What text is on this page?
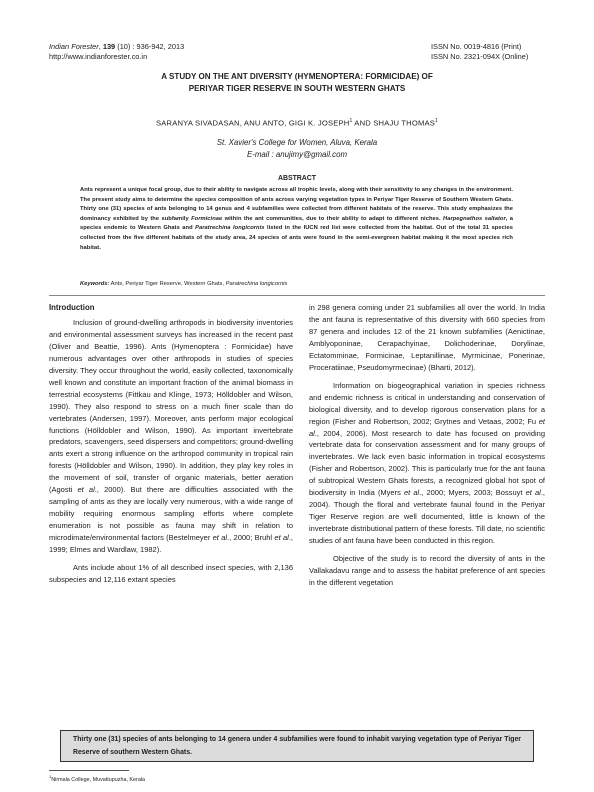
Indian Forester, 139 (10) : 936-942, 2013
http://www.indianforester.co.in
ISSN No. 0019-4816 (Print)
ISSN No. 2321-094X (Online)
A STUDY ON THE ANT DIVERSITY (HYMENOPTERA: FORMICIDAE) OF
PERIYAR TIGER RESERVE IN SOUTH WESTERN GHATS
SARANYA SIVADASAN, ANU ANTO, GIGI K. JOSEPH$^1$ AND SHAJU THOMAS$^1$
St. Xavier's College for Women, Aluva, Kerala
E-mail : anujimy@gmail.com
ABSTRACT
Ants represent a unique focal group, due to their ability to navigate across all trophic levels, along with their sensitivity to any changes in the environment. The present study aims to determine the species composition of ants across varying vegetation types in Periyar Tiger Reserve of Southern Western Ghats. Thirty one (31) species of ants belonging to 14 genus and 4 subfamilies were collected from different habitats of the reserve. This study emphasizes the dominancy exhibited by the subfamily Formicinae within the ant communities, due to their ability to adapt to different niches. Harpegnathos saltator, a species endemic to Western Ghats and Paratrechina longicornis listed in the IUCN red list were collected from the habitat. Out of the total 31 species collected from the five different habitats of the study area, 24 species of ants were found in the semi-evergreen habitat making it the most species rich habitat.
Keywords: Ants, Periyar Tiger Reserve, Western Ghats, Paratrechina longicornis

Introduction

Inclusion of ground-dwelling arthropods in biodiversity inventories and environmental assessment surveys has increased in the recent past (Oliver and Beattie, 1996). Ants (Hymenoptera : Formicidae) have numerous advantages over other arthropods in studies of species diversity. They occur throughout the world, easily collected, taxonomically well known and constitute an important fraction of the animal biomass in terrestrial ecosystems (Fittkau and Klinge, 1973; Hölldobler and Wilson, 1990). They also respond to stress on a much finer scale than do vertebrates (Andersen, 1997). Moreover, ants perform major ecological functions (Hölldobler and Wilson, 1990). As important invertebrate predators, scavengers, seed dispersers and competitors; ground-dwelling ants exert a strong influence on the arthropod community in tropical rain forests (Hölldobler and Wilson, 1990). In addition, they play key roles in the movement of soil, transfer of organic materials, better aeration (Agosti et al., 2000). But there are difficulties associated with the sampling of ants as they are locally very numerous, with a wide range of mobility requiring enormous sampling efforts where complete enumeration is not possible as fauna may shift in relation to microdimate/environmental factors (Bestelmeyer et al., 2000; Bruhl et al., 1999; Elmes and Wardlaw, 1982).

Ants include about 1% of all described insect species, with 2,136 subspecies and 12,116 extant species

in 298 genera coming under 21 subfamilies all over the world. In India the ant fauna is representative of this diversity with 660 species from 87 genera and includes 12 of the 21 known subfamilies (Aenictinae, Amblyoponinae, Cerapachyinae, Dolichoderinae, Dorylinae, Ectatomminae, Formicinae, Leptanillinae, Myrmicinae, Ponerinae, Proceratiinae, Pseudomyrmecinae) (Bharti, 2012).

Information on biogeographical variation in species richness and endemic richness is critical in understanding and conservation of biological diversity, and to develop rigorous conservation plans for a region (Fisher and Robertson, 2002; Grytnes and Vetaas, 2002; Fu et al., 2004, 2006). Most research to date has focused on providing vertebrate data for conservation assessment and for many groups of invertebrates. We lack even basic information in tropical ecosystems (Fisher and Robertson, 2002). This is particularly true for the ant fauna of subtropical Western Ghats forests, a recognized global hot spot of biodiversity in India (Myers et al., 2000; Myers, 2003; Bossuyt et al., 2004). Though the floral and vertebrate faunal found in the Periyar Tiger Reserve region are well documented, little is known of the invertebrate distributional pattern of these forests. Till date, no scientific studies of ant fauna have been conducted in this region.

Objective of the study is to record the diversity of ants in the Vallakadavu range and to assess the habitat preference of ant species in the different vegetation

Thirty one (31) species of ants belonging to 14 genera under 4 subfamilies were found to inhabit varying vegetation type of Periyar Tiger Reserve of southern Western Ghats.
$^1$Nirmala College, Muvattupuzha, Kerala
